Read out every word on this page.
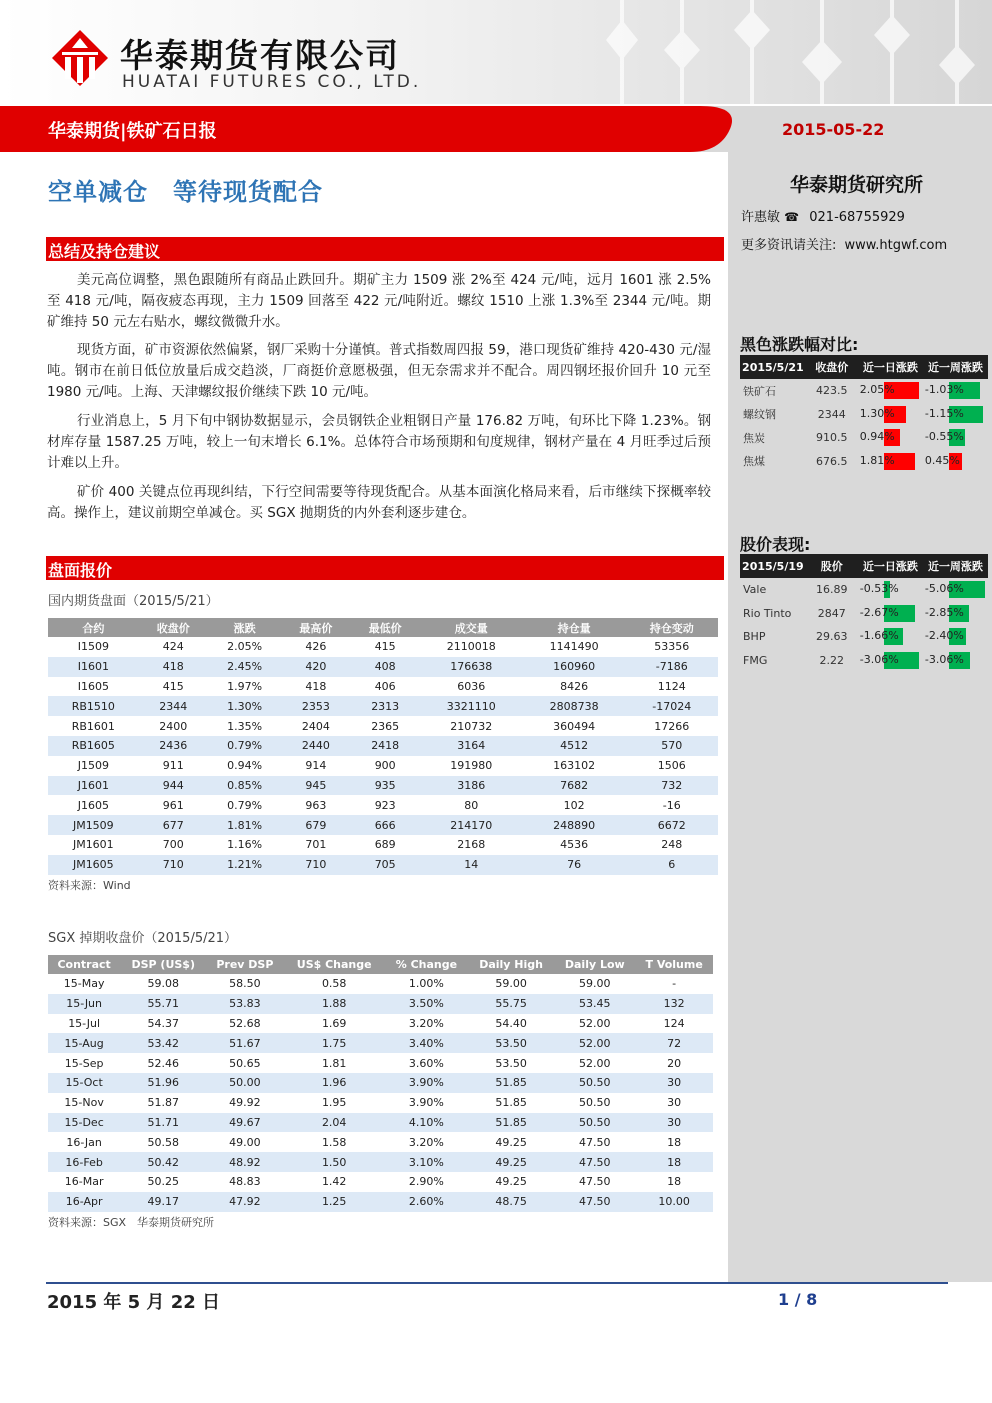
华泰期货有限公司
HUATAI FUTURES CO., LTD.
华泰期货|铁矿石日报	2015-05-22
华泰期货研究所
许惠敏 ☎ 021-68755929
更多资讯请关注: www.htgwf.com
黑色涨跌幅对比:
2015/5/21	收盘价	近一日涨跌	近一周涨跌
铁矿石	423.5	2.05%	-1.03%

螺纹钢	2344	1.30%	-1.15%

焦炭	910.5	0.94%	-0.55%

焦煤	676.5	1.81%	0.45%
股价表现:
2015/5/19	股价	近一日涨跌	近一周涨跌
Vale	16.89	-0.53%	-5.06%

Rio Tinto	2847	-2.67%	-2.85%

BHP	29.63	-1.66%	-2.40%

FMG	2.22	-3.06%	-3.06%
空单减仓　等待现货配合
总结及持仓建议

美元高位调整，黑色跟随所有商品止跌回升。期矿主力 1509 涨 2%至 424 元/吨，远月 1601 涨 2.5%至 418 元/吨，隔夜疲态再现，主力 1509 回落至 422 元/吨附近。螺纹 1510 上涨 1.3%至 2344 元/吨。期矿维持 50 元左右贴水，螺纹微微升水。

现货方面，矿市资源依然偏紧，钢厂采购十分谨慎。普式指数周四报 59，港口现货矿维持 420-430 元/湿吨。钢市在前日低位放量后成交趋淡，厂商挺价意愿极强，但无奈需求并不配合。周四钢坯报价回升 10 元至 1980 元/吨。上海、天津螺纹报价继续下跌 10 元/吨。

行业消息上，5 月下旬中钢协数据显示，会员钢铁企业粗钢日产量 176.82 万吨，旬环比下降 1.23%。钢材库存量 1587.25 万吨，较上一旬末增长 6.1%。总体符合市场预期和旬度规律，钢材产量在 4 月旺季过后预计难以上升。

矿价 400 关键点位再现纠结，下行空间需要等待现货配合。从基本面演化格局来看，后市继续下探概率较高。操作上，建议前期空单减仓。买 SGX 抛期货的内外套利逐步建仓。

盘面报价
国内期货盘面（2015/5/21）
合约	收盘价	涨跌	最高价	最低价	成交量	持仓量	持仓变动
I1509	424	2.05%	426	415	2110018	1141490	53356
I1601	418	2.45%	420	408	176638	160960	-7186
I1605	415	1.97%	418	406	6036	8426	1124
RB1510	2344	1.30%	2353	2313	3321110	2808738	-17024
RB1601	2400	1.35%	2404	2365	210732	360494	17266
RB1605	2436	0.79%	2440	2418	3164	4512	570
J1509	911	0.94%	914	900	191980	163102	1506
J1601	944	0.85%	945	935	3186	7682	732
J1605	961	0.79%	963	923	80	102	-16
JM1509	677	1.81%	679	666	214170	248890	6672
JM1601	700	1.16%	701	689	2168	4536	248
JM1605	710	1.21%	710	705	14	76	6
资料来源：Wind
SGX 掉期收盘价（2015/5/21）
Contract	DSP (US$)	Prev DSP	US$ Change	% Change	Daily High	Daily Low	T Volume
15-May	59.08	58.50	0.58	1.00%	59.00	59.00	-
15-Jun	55.71	53.83	1.88	3.50%	55.75	53.45	132
15-Jul	54.37	52.68	1.69	3.20%	54.40	52.00	124
15-Aug	53.42	51.67	1.75	3.40%	53.50	52.00	72
15-Sep	52.46	50.65	1.81	3.60%	53.50	52.00	20
15-Oct	51.96	50.00	1.96	3.90%	51.85	50.50	30
15-Nov	51.87	49.92	1.95	3.90%	51.85	50.50	30
15-Dec	51.71	49.67	2.04	4.10%	51.85	50.50	30
16-Jan	50.58	49.00	1.58	3.20%	49.25	47.50	18
16-Feb	50.42	48.92	1.50	3.10%	49.25	47.50	18
16-Mar	50.25	48.83	1.42	2.90%	49.25	47.50	18
16-Apr	49.17	47.92	1.25	2.60%	48.75	47.50	10.00
资料来源：SGX　华泰期货研究所
2015 年 5 月 22 日	1 / 8
